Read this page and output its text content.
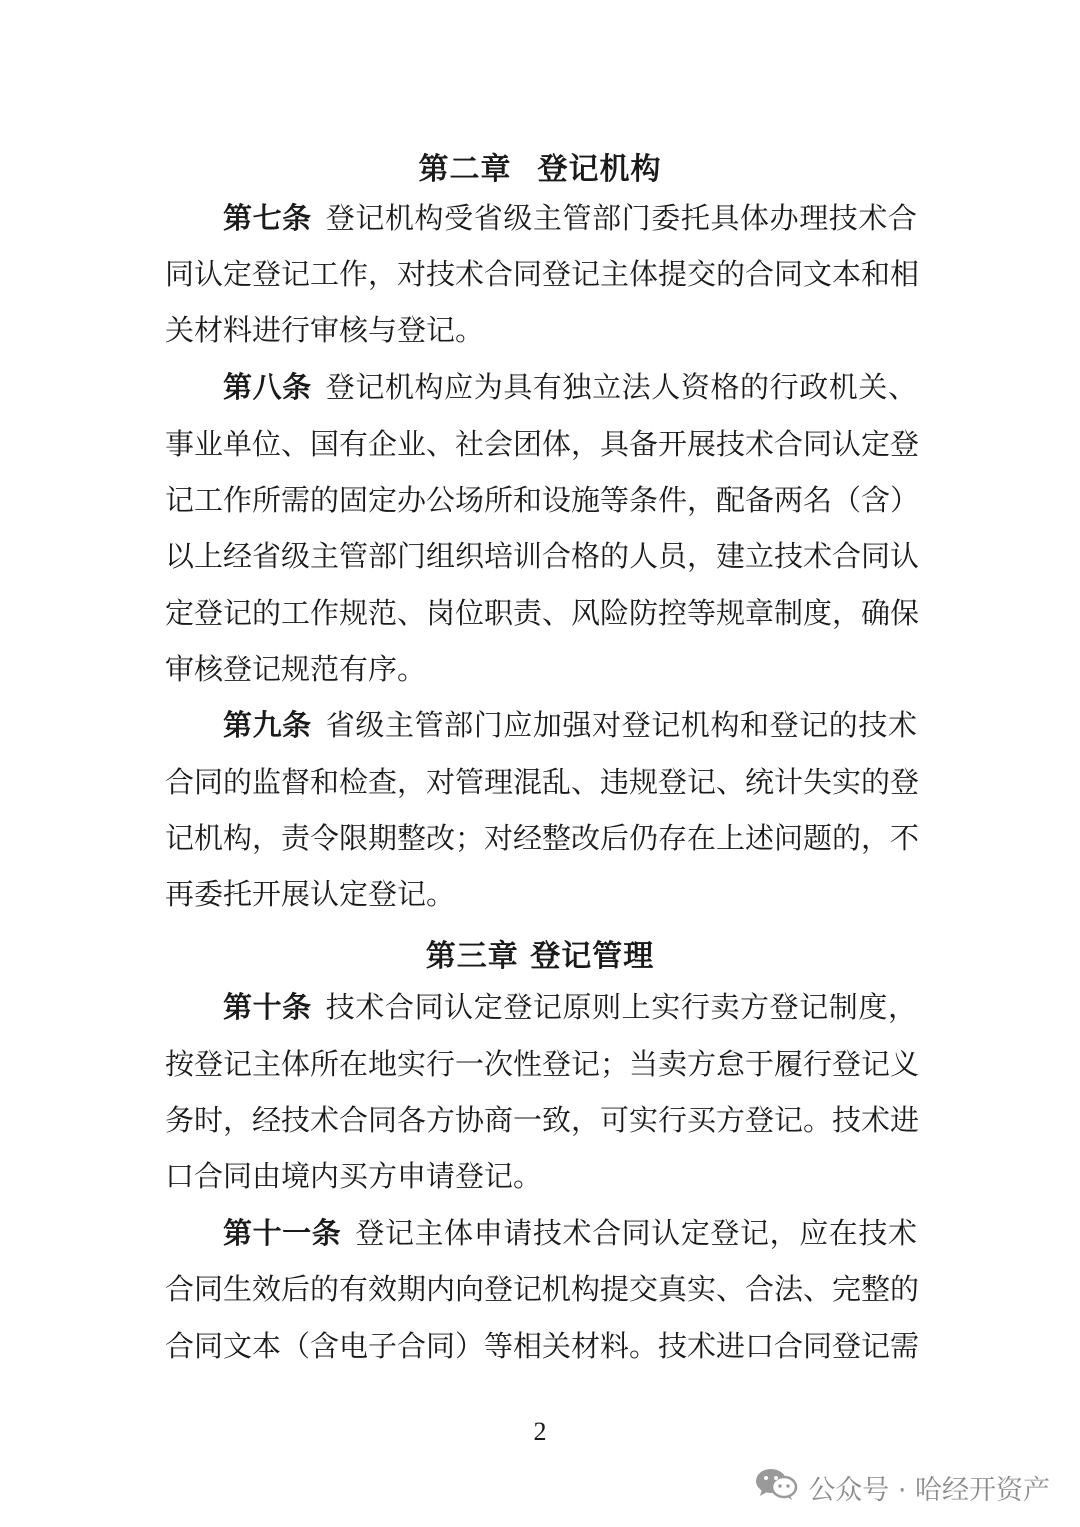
第二章 登记机构
第七条 登记机构受省级主管部门委托具体办理技术合
同认定登记工作，对技术合同登记主体提交的合同文本和相
关材料进行审核与登记。
第八条 登记机构应为具有独立法人资格的行政机关、
事业单位、国有企业、社会团体，具备开展技术合同认定登
记工作所需的固定办公场所和设施等条件，配备两名（含）
以上经省级主管部门组织培训合格的人员，建立技术合同认
定登记的工作规范、岗位职责、风险防控等规章制度，确保
审核登记规范有序。
第九条 省级主管部门应加强对登记机构和登记的技术
合同的监督和检查，对管理混乱、违规登记、统计失实的登
记机构，责令限期整改；对经整改后仍存在上述问题的，不
再委托开展认定登记。
第三章 登记管理
第十条 技术合同认定登记原则上实行卖方登记制度，
按登记主体所在地实行一次性登记；当卖方怠于履行登记义
务时，经技术合同各方协商一致，可实行买方登记。技术进
口合同由境内买方申请登记。
第十一条 登记主体申请技术合同认定登记，应在技术
合同生效后的有效期内向登记机构提交真实、合法、完整的
合同文本（含电子合同）等相关材料。技术进口合同登记需
2
公众号 · 哈经开资产
